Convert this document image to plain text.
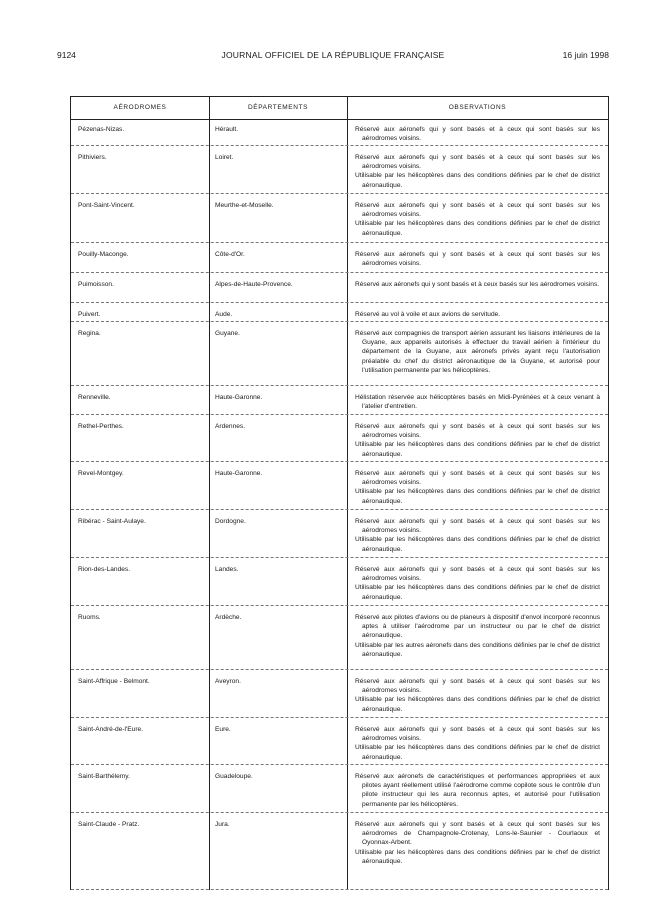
9124	JOURNAL OFFICIEL DE LA RÉPUBLIQUE FRANÇAISE	16 juin 1998
AÉRODROMES	DÉPARTEMENTS	OBSERVATIONS
Pézenas-Nizas.	Hérault.	Réservé aux aéronefs qui y sont basés et à ceux qui sont basés sur les aérodromes voisins.

Pithiviers.	Loiret.	Réservé aux aéronefs qui y sont basés et à ceux qui sont basés sur les aérodromes voisins.

Utilisable par les hélicoptères dans des conditions définies par le chef de district aéronautique.

Pont-Saint-Vincent.	Meurthe-et-Moselle.	Réservé aux aéronefs qui y sont basés et à ceux qui sont basés sur les aérodromes voisins.

Utilisable par les hélicoptères dans des conditions définies par le chef de district aéronautique.

Pouilly-Maconge.	Côte-d'Or.	Réservé aux aéronefs qui y sont basés et à ceux qui sont basés sur les aérodromes voisins.

Puimoisson.	Alpes-de-Haute-Provence.	Réservé aux aéronefs qui y sont basés et à ceux basés sur les aérodromes voisins.

Puivert.	Aude.	Réservé au vol à voile et aux avions de servitude.

Regina.	Guyane.	Réservé aux compagnies de transport aérien assurant les liaisons intérieures de la Guyane, aux appareils autorisés à effectuer du travail aérien à l'intérieur du département de la Guyane, aux aéronefs privés ayant reçu l'autorisation préalable du chef du district aéronautique de la Guyane, et autorisé pour l'utilisation permanente par les hélicoptères.

Renneville.	Haute-Garonne.	Hélistation réservée aux hélicoptères basés en Midi-Pyrénées et à ceux venant à l'atelier d'entretien.

Rethel-Perthes.	Ardennes.	Réservé aux aéronefs qui y sont basés et à ceux qui sont basés sur les aérodromes voisins.

Utilisable par les hélicoptères dans des conditions définies par le chef de district aéronautique.

Revel-Montgey.	Haute-Garonne.	Réservé aux aéronefs qui y sont basés et à ceux qui sont basés sur les aérodromes voisins.

Utilisable par les hélicoptères dans des conditions définies par le chef de district aéronautique.

Ribérac - Saint-Aulaye.	Dordogne.	Réservé aux aéronefs qui y sont basés et à ceux qui sont basés sur les aérodromes voisins.

Utilisable par les hélicoptères dans des conditions définies par le chef de district aéronautique.

Rion-des-Landes.	Landes.	Réservé aux aéronefs qui y sont basés et à ceux qui sont basés sur les aérodromes voisins.

Utilisable par les hélicoptères dans des conditions définies par le chef de district aéronautique.

Ruoms.	Ardèche.	Réservé aux pilotes d'avions ou de planeurs à dispositif d'envol incorporé reconnus aptes à utiliser l'aérodrome par un instructeur ou par le chef de district aéronautique.

Utilisable par les autres aéronefs dans des conditions définies par le chef de district aéronautique.

Saint-Affrique - Belmont.	Aveyron.	Réservé aux aéronefs qui y sont basés et à ceux qui sont basés sur les aérodromes voisins.

Utilisable par les hélicoptères dans des conditions définies par le chef de district aéronautique.

Saint-André-de-l'Eure.	Eure.	Réservé aux aéronefs qui y sont basés et à ceux qui sont basés sur les aérodromes voisins.

Utilisable par les hélicoptères dans des conditions définies par le chef de district aéronautique.

Saint-Barthélemy.	Guadeloupe.	Réservé aux aéronefs de caractéristiques et performances appropriées et aux pilotes ayant réellement utilisé l'aérodrome comme copilote sous le contrôle d'un pilote instructeur qui les aura reconnus aptes, et autorisé pour l'utilisation permanente par les hélicoptères.

Saint-Claude - Pratz.	Jura.	Réservé aux aéronefs qui y sont basés et à ceux qui sont basés sur les aérodromes de Champagnole-Crotenay, Lons-le-Saunier - Courlaoux et Oyonnax-Arbent.

Utilisable par les hélicoptères dans des conditions définies par le chef de district aéronautique.
